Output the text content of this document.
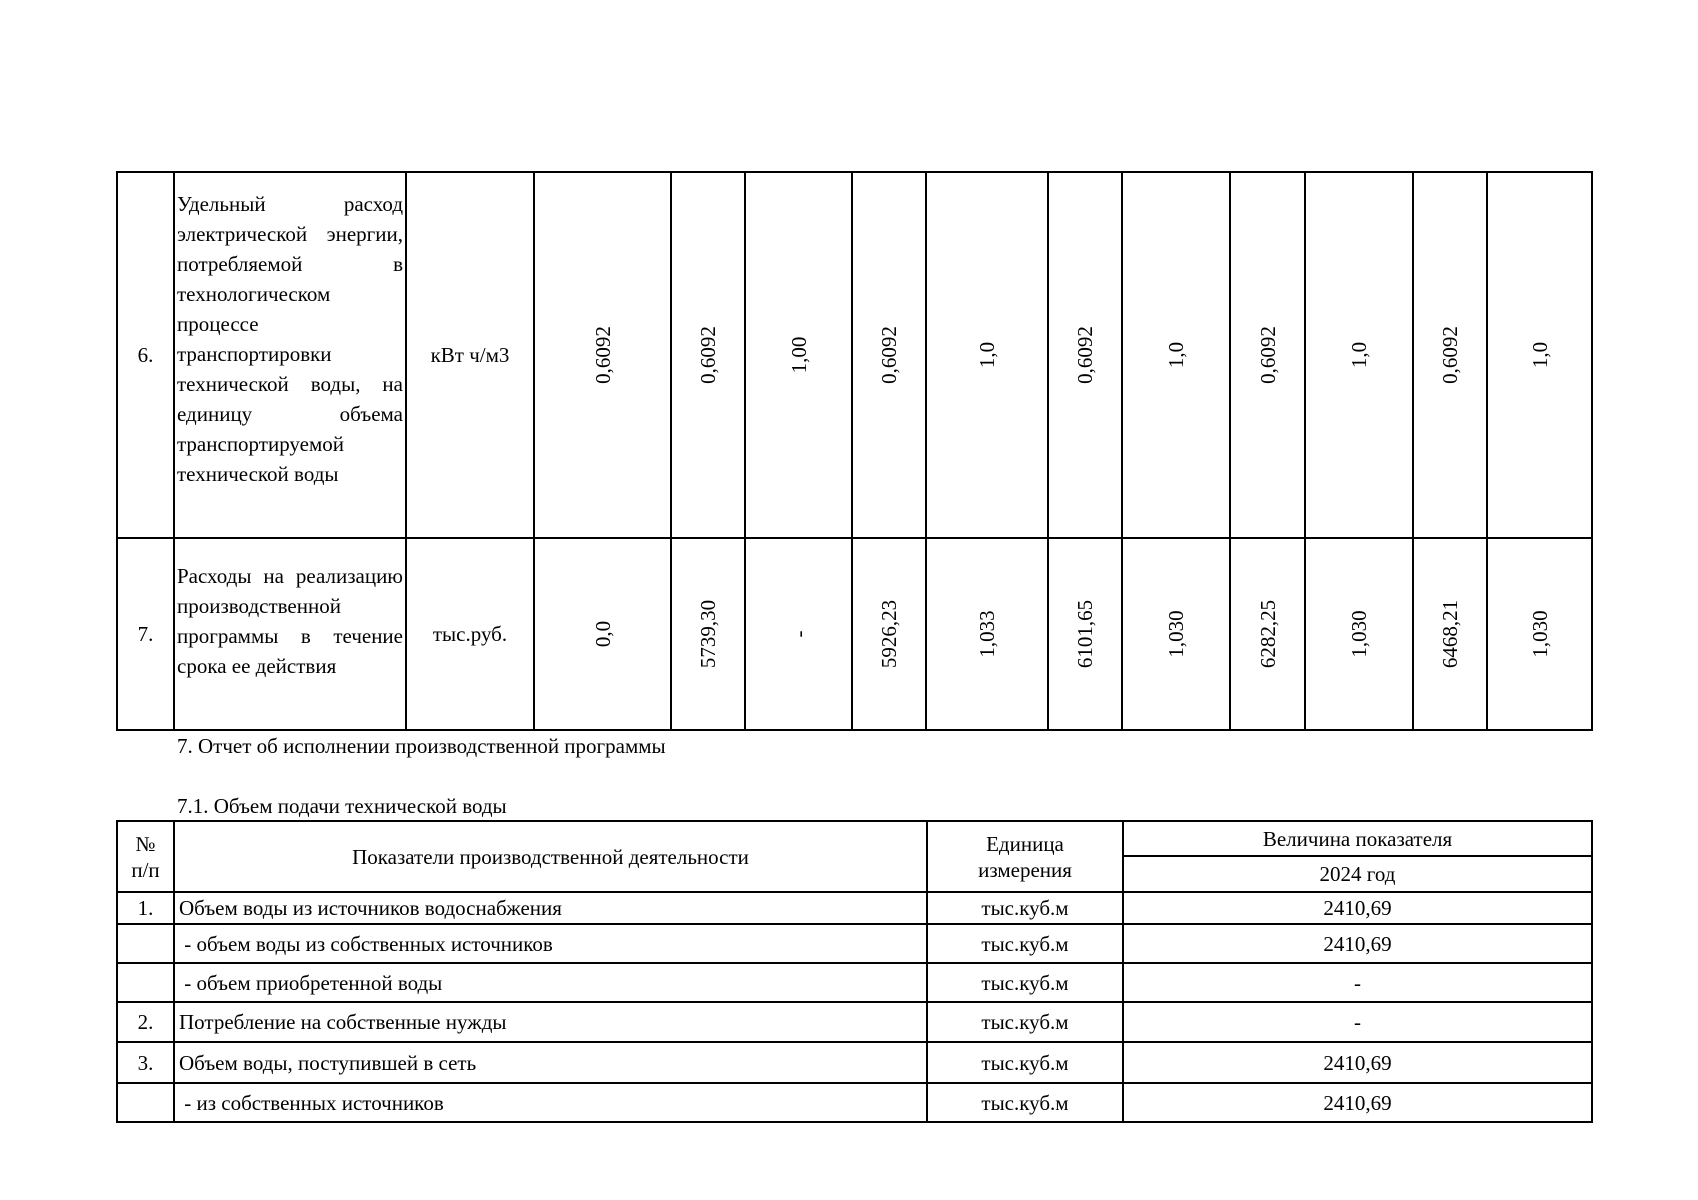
6.	Удельный расход электрической энергии, потребляемой в технологическом процессе транспортировки технической воды, на единицу объема транспортируемой технической воды	кВт ч/м3	0,6092	0,6092	1,00	0,6092	1,0	0,6092	1,0	0,6092	1,0	0,6092	1,0

7.	Расходы на реализацию производственной программы в течение срока ее действия	тыс.руб.	0,0	5739,30	-	5926,23	1,033	6101,65	1,030	6282,25	1,030	6468,21	1,030
7. Отчет об исполнении производственной программы
7.1. Объем подачи технической воды
№ п/п	Показатели производственной деятельности	Единица измерения	Величина показателя
			2024 год
1.	Объем воды из источников водоснабжения	тыс.куб.м	2410,69
	- объем воды из собственных источников	тыс.куб.м	2410,69
	- объем приобретенной воды	тыс.куб.м	-
2.	Потребление на собственные нужды	тыс.куб.м	-
3.	Объем воды, поступившей в сеть	тыс.куб.м	2410,69
	- из собственных источников	тыс.куб.м	2410,69
